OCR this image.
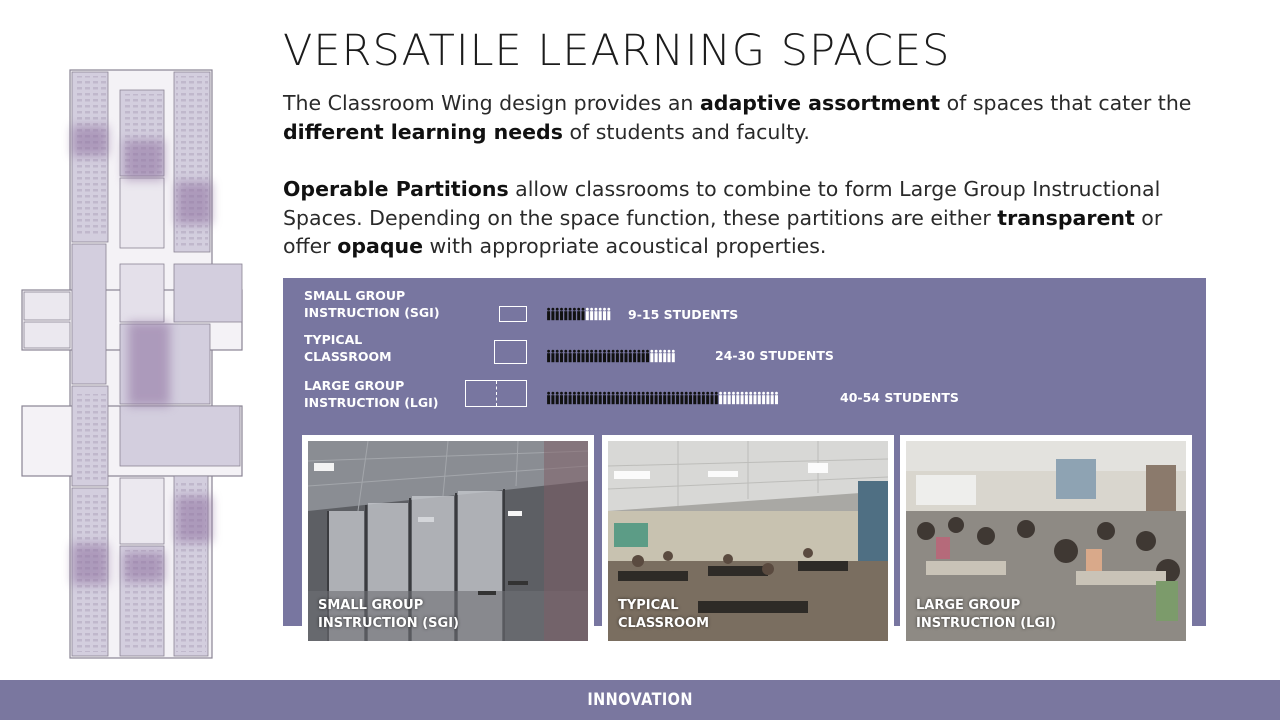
VERSATILE LEARNING SPACES

The Classroom Wing design provides an adaptive assortment of spaces that cater the different learning needs of students and faculty.

Operable Partitions allow classrooms to combine to form Large Group Instructional Spaces. Depending on the space function, these partitions are either transparent or offer opaque with appropriate acoustical properties.

SMALL GROUP
INSTRUCTION (SGI)	9-15 STUDENTS
TYPICAL
CLASSROOM	24-30 STUDENTS
LARGE GROUP
INSTRUCTION (LGI)	40-54 STUDENTS
SMALL GROUP
INSTRUCTION (SGI)
TYPICAL
CLASSROOM
LARGE GROUP
INSTRUCTION (LGI)
INNOVATION
